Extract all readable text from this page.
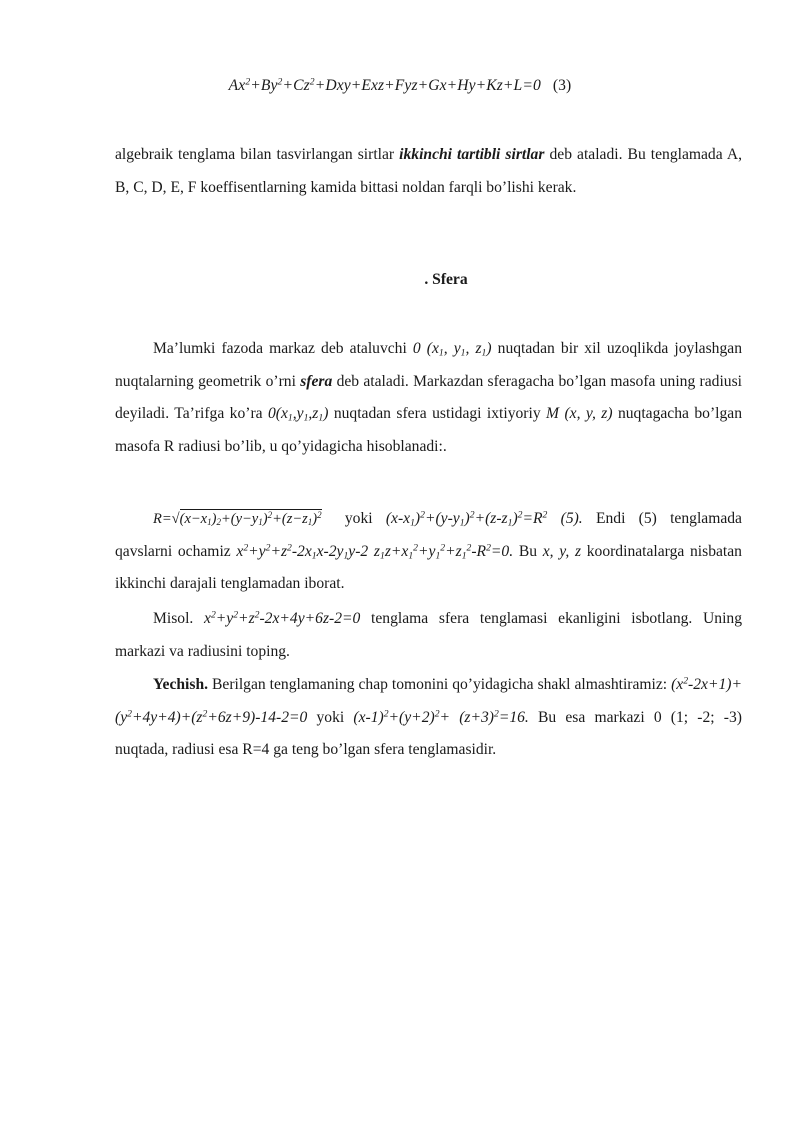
$Ax^2+By^2+Cz^2+Dxy+Exz+Fyz+Gx+Hy+Kz+L=0$ (3)

algebraik tenglama bilan tasvirlangan sirtlar ikkinchi tartibli sirtlar deb ataladi. Bu tenglamada A, B, C, D, E, F koeffisentlarning kamida bittasi noldan farqli bo’lishi kerak.

. Sfera

Ma’lumki fazoda markaz deb ataluvchi 0 ($x_1$, $y_1$, $z_1$) nuqtadan bir xil uzoqlikda joylashgan nuqtalarning geometrik o’rni sfera deb ataladi. Markazdan sferagacha bo’lgan masofa uning radiusi deyiladi. Ta’rifga ko’ra $0(x_1,y_1,z_1)$ nuqtadan sfera ustidagi ixtiyoriy M (x, y, z) nuqtagacha bo’lgan masofa R radiusi bo’lib, u qo’yidagicha hisoblanadi:.

$R=√(x-x_1)_2+(y-y_1)^2+(z-z_1)^2$ yoki $(x-x_1)^2+(y-y_1)^2+(z-z_1)^2=R^2$ (5). Endi (5) tenglamada qavslarni ochamiz $x^2+y^2+z^2-2x_1x-2y_1y-2$ $z_1z+x_1^2+y_1^2+z_1^2-R^2=0$. Bu x, y, z koordinatalarga nisbatan ikkinchi darajali tenglamadan iborat.

Misol. $x^2+y^2+z^2-2x+4y+6z-2=0$ tenglama sfera tenglamasi ekanligini isbotlang. Uning markazi va radiusini toping.

Yechish. Berilgan tenglamaning chap tomonini qo’yidagicha shakl almashtiramiz: $(x^2-2x+1)+(y^2+4y+4)+(z^2+6z+9)-14-2=0$ yoki $(x-1)^2+(y+2)^2+ (z+3)^2=16$. Bu esa markazi 0 (1; -2; -3) nuqtada, radiusi esa R=4 ga teng bo’lgan sfera tenglamasidir.
